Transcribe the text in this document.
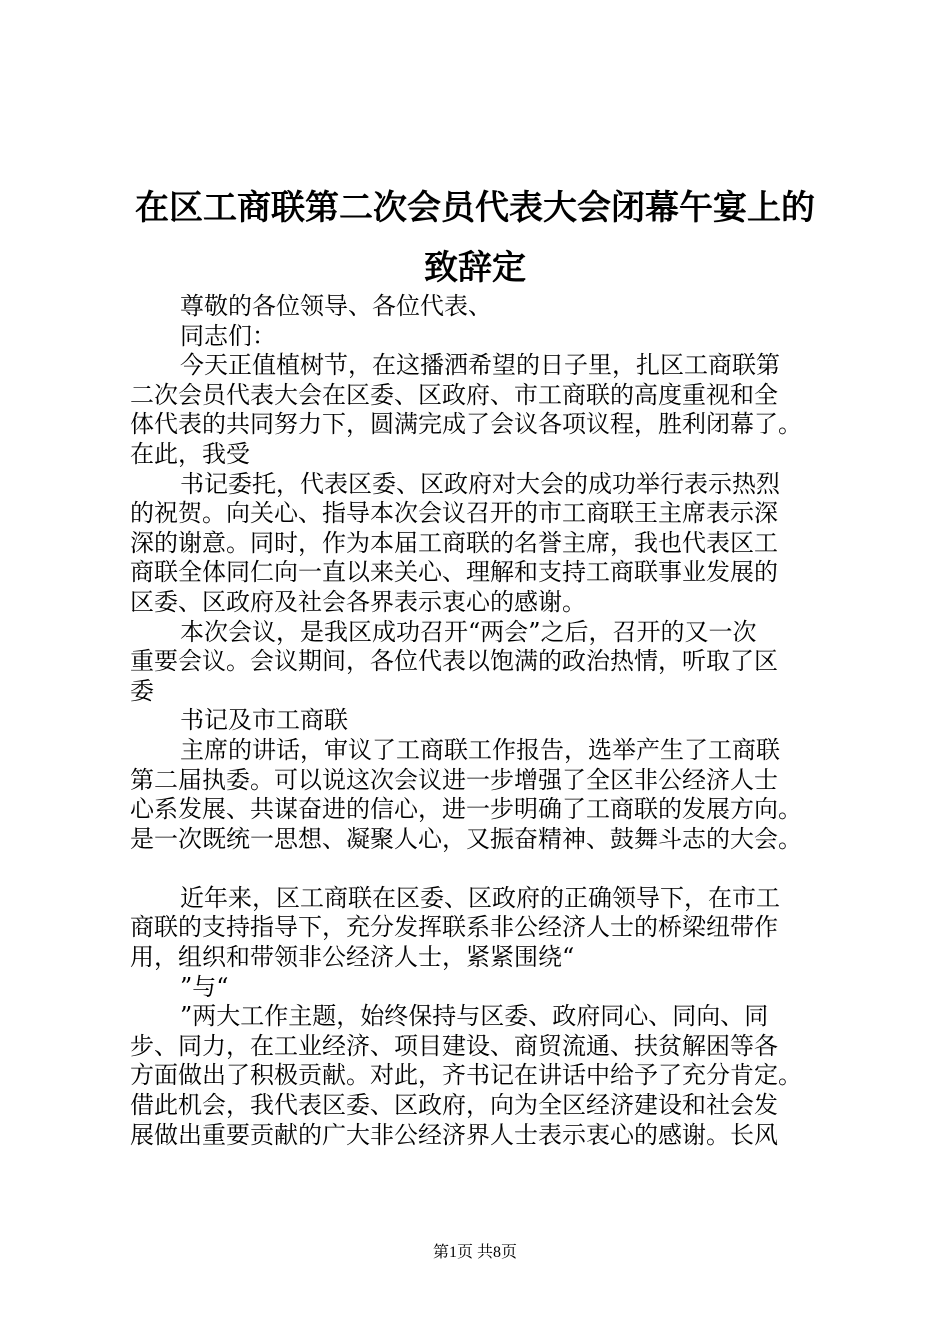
在区工商联第二次会员代表大会闭幕午宴上的
致辞定
尊敬的各位领导、各位代表、
同志们：
今天正值植树节，在这播洒希望的日子里，扎区工商联第
二次会员代表大会在区委、区政府、市工商联的高度重视和全
体代表的共同努力下，圆满完成了会议各项议程，胜利闭幕了。
在此，我受
书记委托，代表区委、区政府对大会的成功举行表示热烈
的祝贺。向关心、指导本次会议召开的市工商联王主席表示深
深的谢意。同时，作为本届工商联的名誉主席，我也代表区工
商联全体同仁向一直以来关心、理解和支持工商联事业发展的
区委、区政府及社会各界表示衷心的感谢。
本次会议，是我区成功召开“两会”之后，召开的又一次
重要会议。会议期间，各位代表以饱满的政治热情，听取了区
委
书记及市工商联
主席的讲话，审议了工商联工作报告，选举产生了工商联
第二届执委。可以说这次会议进一步增强了全区非公经济人士
心系发展、共谋奋进的信心，进一步明确了工商联的发展方向。
是一次既统一思想、凝聚人心，又振奋精神、鼓舞斗志的大会。
近年来，区工商联在区委、区政府的正确领导下，在市工
商联的支持指导下，充分发挥联系非公经济人士的桥梁纽带作
用，组织和带领非公经济人士，紧紧围绕“
”与“
”两大工作主题，始终保持与区委、政府同心、同向、同
步、同力，在工业经济、项目建设、商贸流通、扶贫解困等各
方面做出了积极贡献。对此，齐书记在讲话中给予了充分肯定。
借此机会，我代表区委、区政府，向为全区经济建设和社会发
展做出重要贡献的广大非公经济界人士表示衷心的感谢。长风
第1页 共8页
